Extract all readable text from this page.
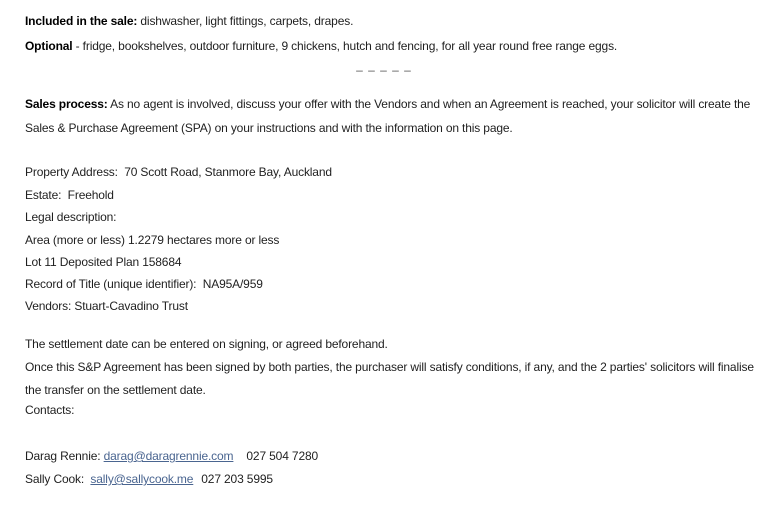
Included in the sale: dishwasher, light fittings, carpets, drapes.
Optional - fridge, bookshelves, outdoor furniture, 9 chickens, hutch and fencing, for all year round free range eggs.
– – – – –
Sales process: As no agent is involved, discuss your offer with the Vendors and when an Agreement is reached, your solicitor will create the
Sales & Purchase Agreement (SPA) on your instructions and with the information on this page.
Property Address:  70 Scott Road, Stanmore Bay, Auckland
Estate:  Freehold
Legal description:
Area (more or less) 1.2279 hectares more or less
Lot 11 Deposited Plan 158684
Record of Title (unique identifier):  NA95A/959
Vendors: Stuart-Cavadino Trust
The settlement date can be entered on signing, or agreed beforehand.
Once this S&P Agreement has been signed by both parties, the purchaser will satisfy conditions, if any, and the 2 parties' solicitors will finalise
the transfer on the settlement date.
Contacts:
Darag Rennie: darag@daragrennie.com 027 504 7280
Sally Cook:  sally@sallycook.me 027 203 5995
